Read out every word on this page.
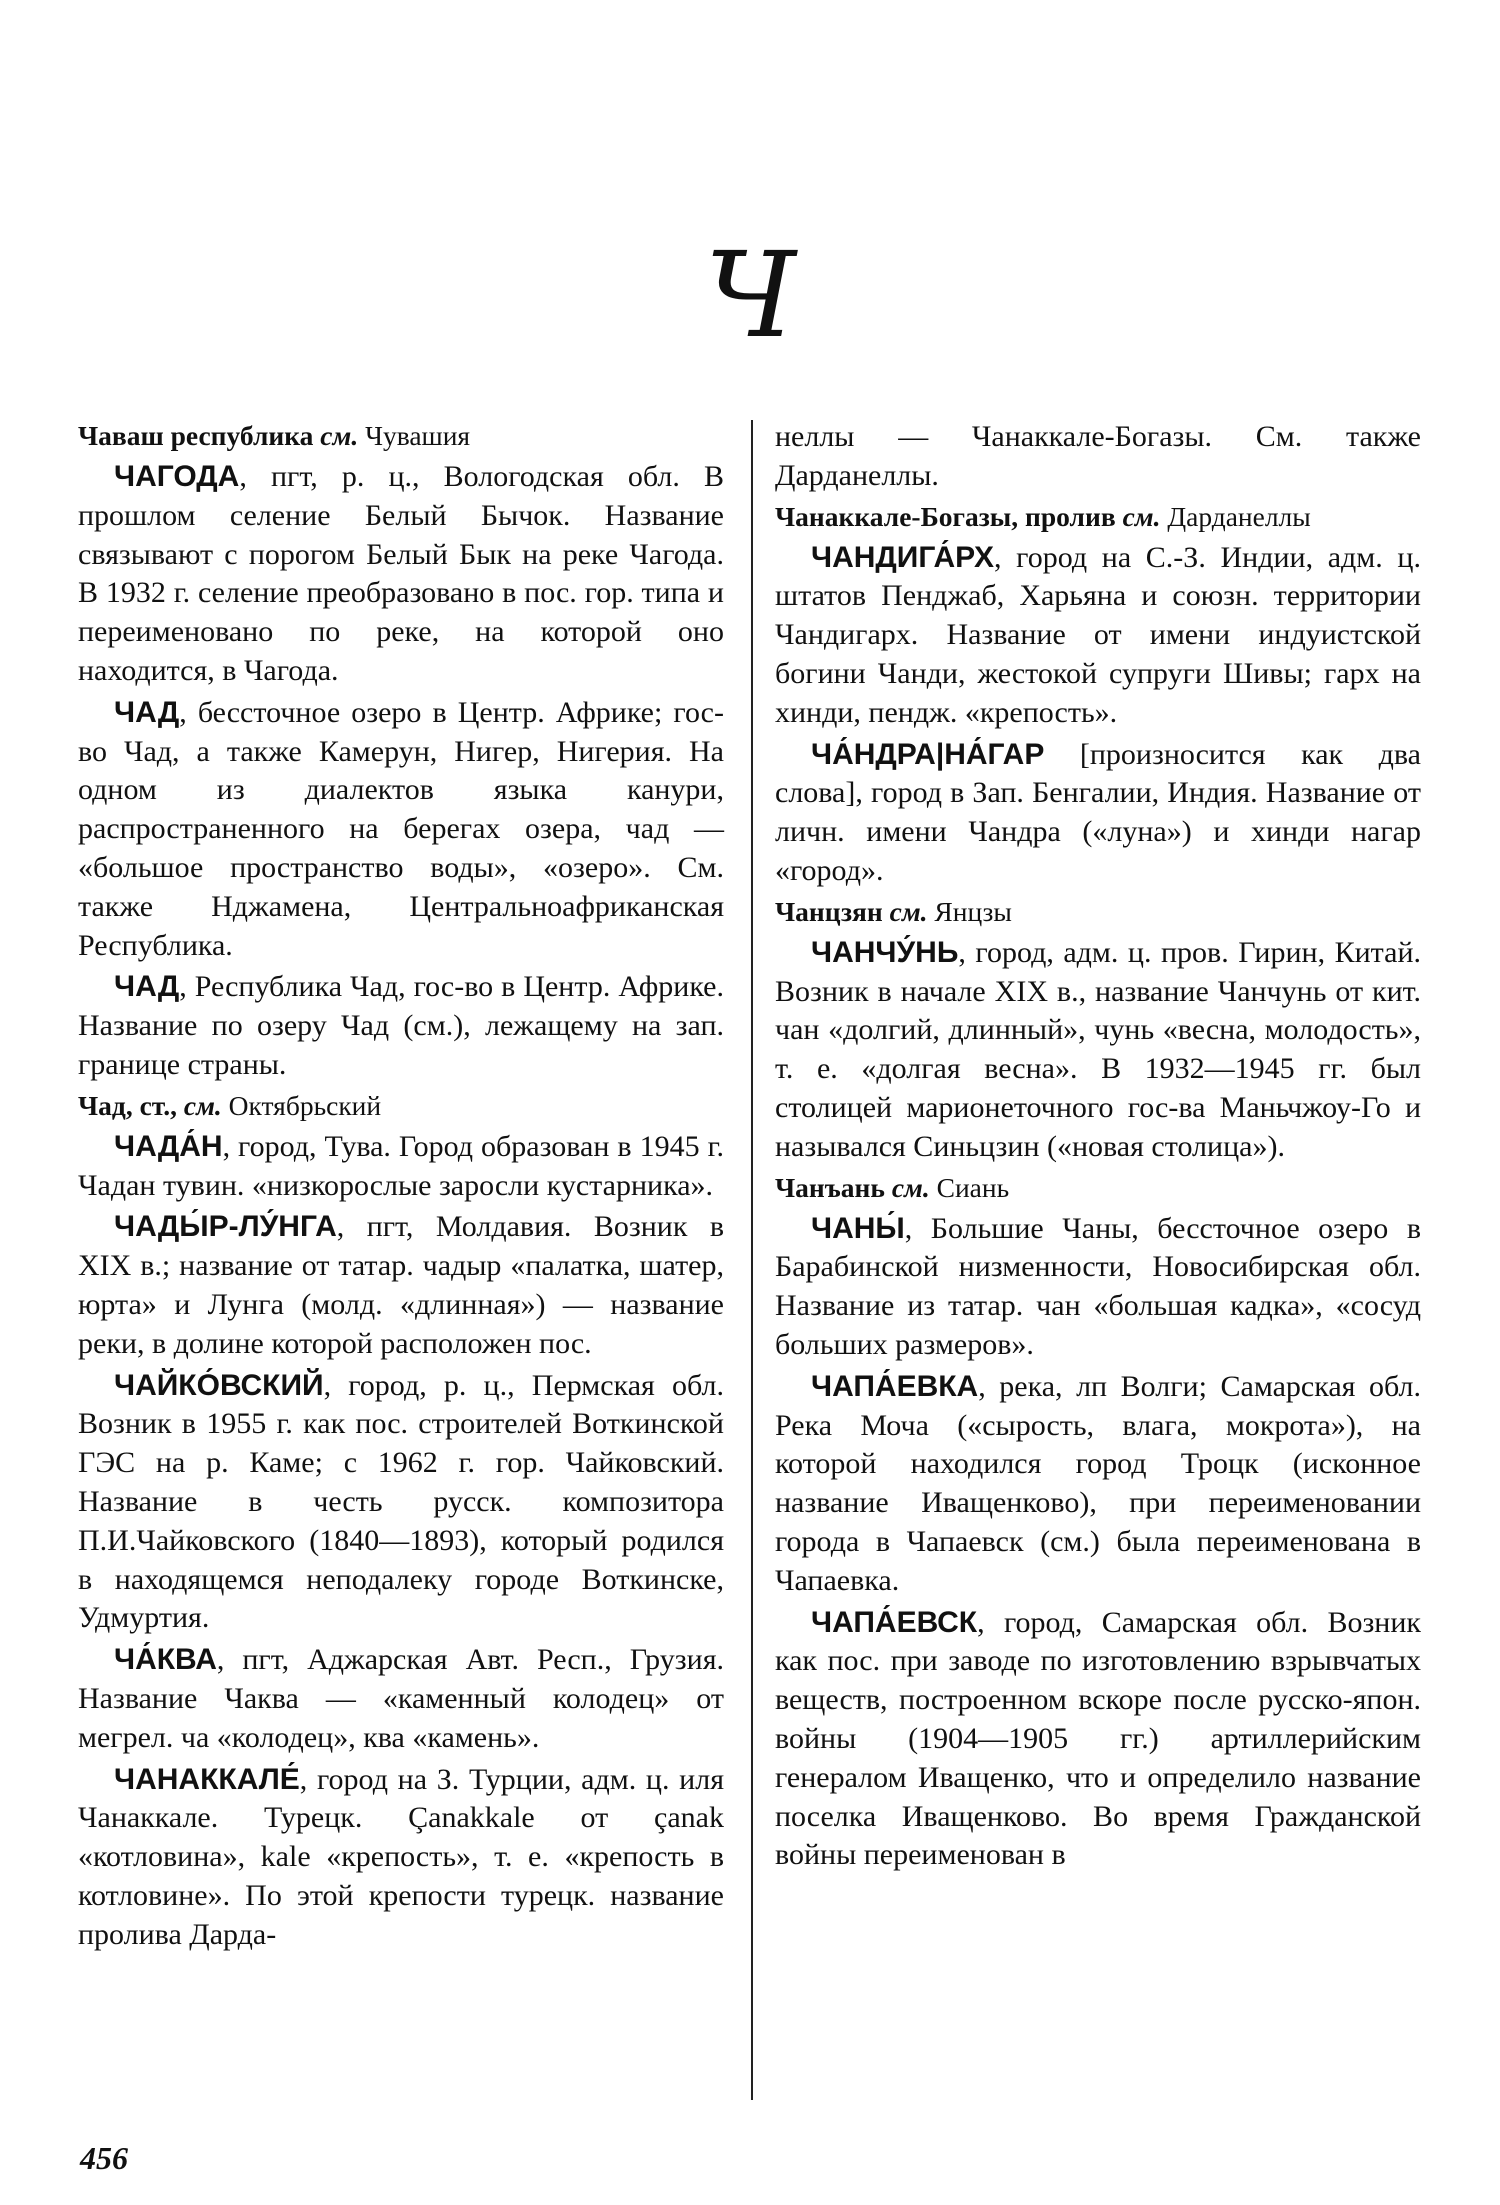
Ч

Чаваш республика см. Чувашия

ЧАГОДА, пгт, р. ц., Вологодская обл. В прошлом селение Белый Бычок. Название связывают с порогом Белый Бык на реке Чагода. В 1932 г. селение преобразовано в пос. гор. типа и переименовано по реке, на которой оно находится, в Чагода.

ЧАД, бессточное озеро в Центр. Африке; гос-во Чад, а также Камерун, Нигер, Нигерия. На одном из диалектов языка канури, распространенного на берегах озера, чад — «большое пространство воды», «озеро». См. также Нджамена, Центральноафриканская Республика.

ЧАД, Республика Чад, гос-во в Центр. Африке. Название по озеру Чад (см.), лежащему на зап. границе страны.

Чад, ст., см. Октябрьский

ЧАДА́Н, город, Тува. Город образован в 1945 г. Чадан тувин. «низкорослые заросли кустарника».

ЧАДЫ́Р-ЛУ́НГА, пгт, Молдавия. Возник в XIX в.; название от татар. чадыр «палатка, шатер, юрта» и Лунга (молд. «длинная») — название реки, в долине которой расположен пос.

ЧАЙКО́ВСКИЙ, город, р. ц., Пермская обл. Возник в 1955 г. как пос. строителей Воткинской ГЭС на р. Каме; с 1962 г. гор. Чайковский. Название в честь русск. композитора П.И.Чайковского (1840—1893), который родился в находящемся неподалеку городе Воткинске, Удмуртия.

ЧА́КВА, пгт, Аджарская Авт. Респ., Грузия. Название Чаква — «каменный колодец» от мегрел. ча «колодец», ква «камень».

ЧАНАККАЛЕ́, город на З. Турции, адм. ц. иля Чанаккале. Турецк. Çanakkale от çanak «котловина», kale «крепость», т. е. «крепость в котловине». По этой крепости турецк. название пролива Дарда-

неллы — Чанаккале-Богазы. См. также Дарданеллы.

Чанаккале-Богазы, пролив см. Дарданеллы

ЧАНДИГА́РХ, город на С.-З. Индии, адм. ц. штатов Пенджаб, Харьяна и союзн. территории Чандигарх. Название от имени индуистской богини Чанди, жестокой супруги Шивы; гарх на хинди, пендж. «крепость».

ЧА́НДРА|НА́ГАР [произносится как два слова], город в Зап. Бенгалии, Индия. Название от личн. имени Чандра («луна») и хинди нагар «город».

Чанцзян см. Янцзы

ЧАНЧУ́НЬ, город, адм. ц. пров. Гирин, Китай. Возник в начале XIX в., название Чанчунь от кит. чан «долгий, длинный», чунь «весна, молодость», т. е. «долгая весна». В 1932—1945 гг. был столицей марионеточного гос-ва Маньчжоу-Го и назывался Синьцзин («новая столица»).

Чанъань см. Сиань

ЧАНЫ́, Большие Чаны, бессточное озеро в Барабинской низменности, Новосибирская обл. Название из татар. чан «большая кадка», «сосуд больших размеров».

ЧАПА́ЕВКА, река, лп Волги; Самарская обл. Река Моча («сырость, влага, мокрота»), на которой находился город Троцк (исконное название Иващенково), при переименовании города в Чапаевск (см.) была переименована в Чапаевка.

ЧАПА́ЕВСК, город, Самарская обл. Возник как пос. при заводе по изготовлению взрывчатых веществ, построенном вскоре после русско-япон. войны (1904—1905 гг.) артиллерийским генералом Иващенко, что и определило название поселка Иващенково. Во время Гражданской войны переименован в

456
